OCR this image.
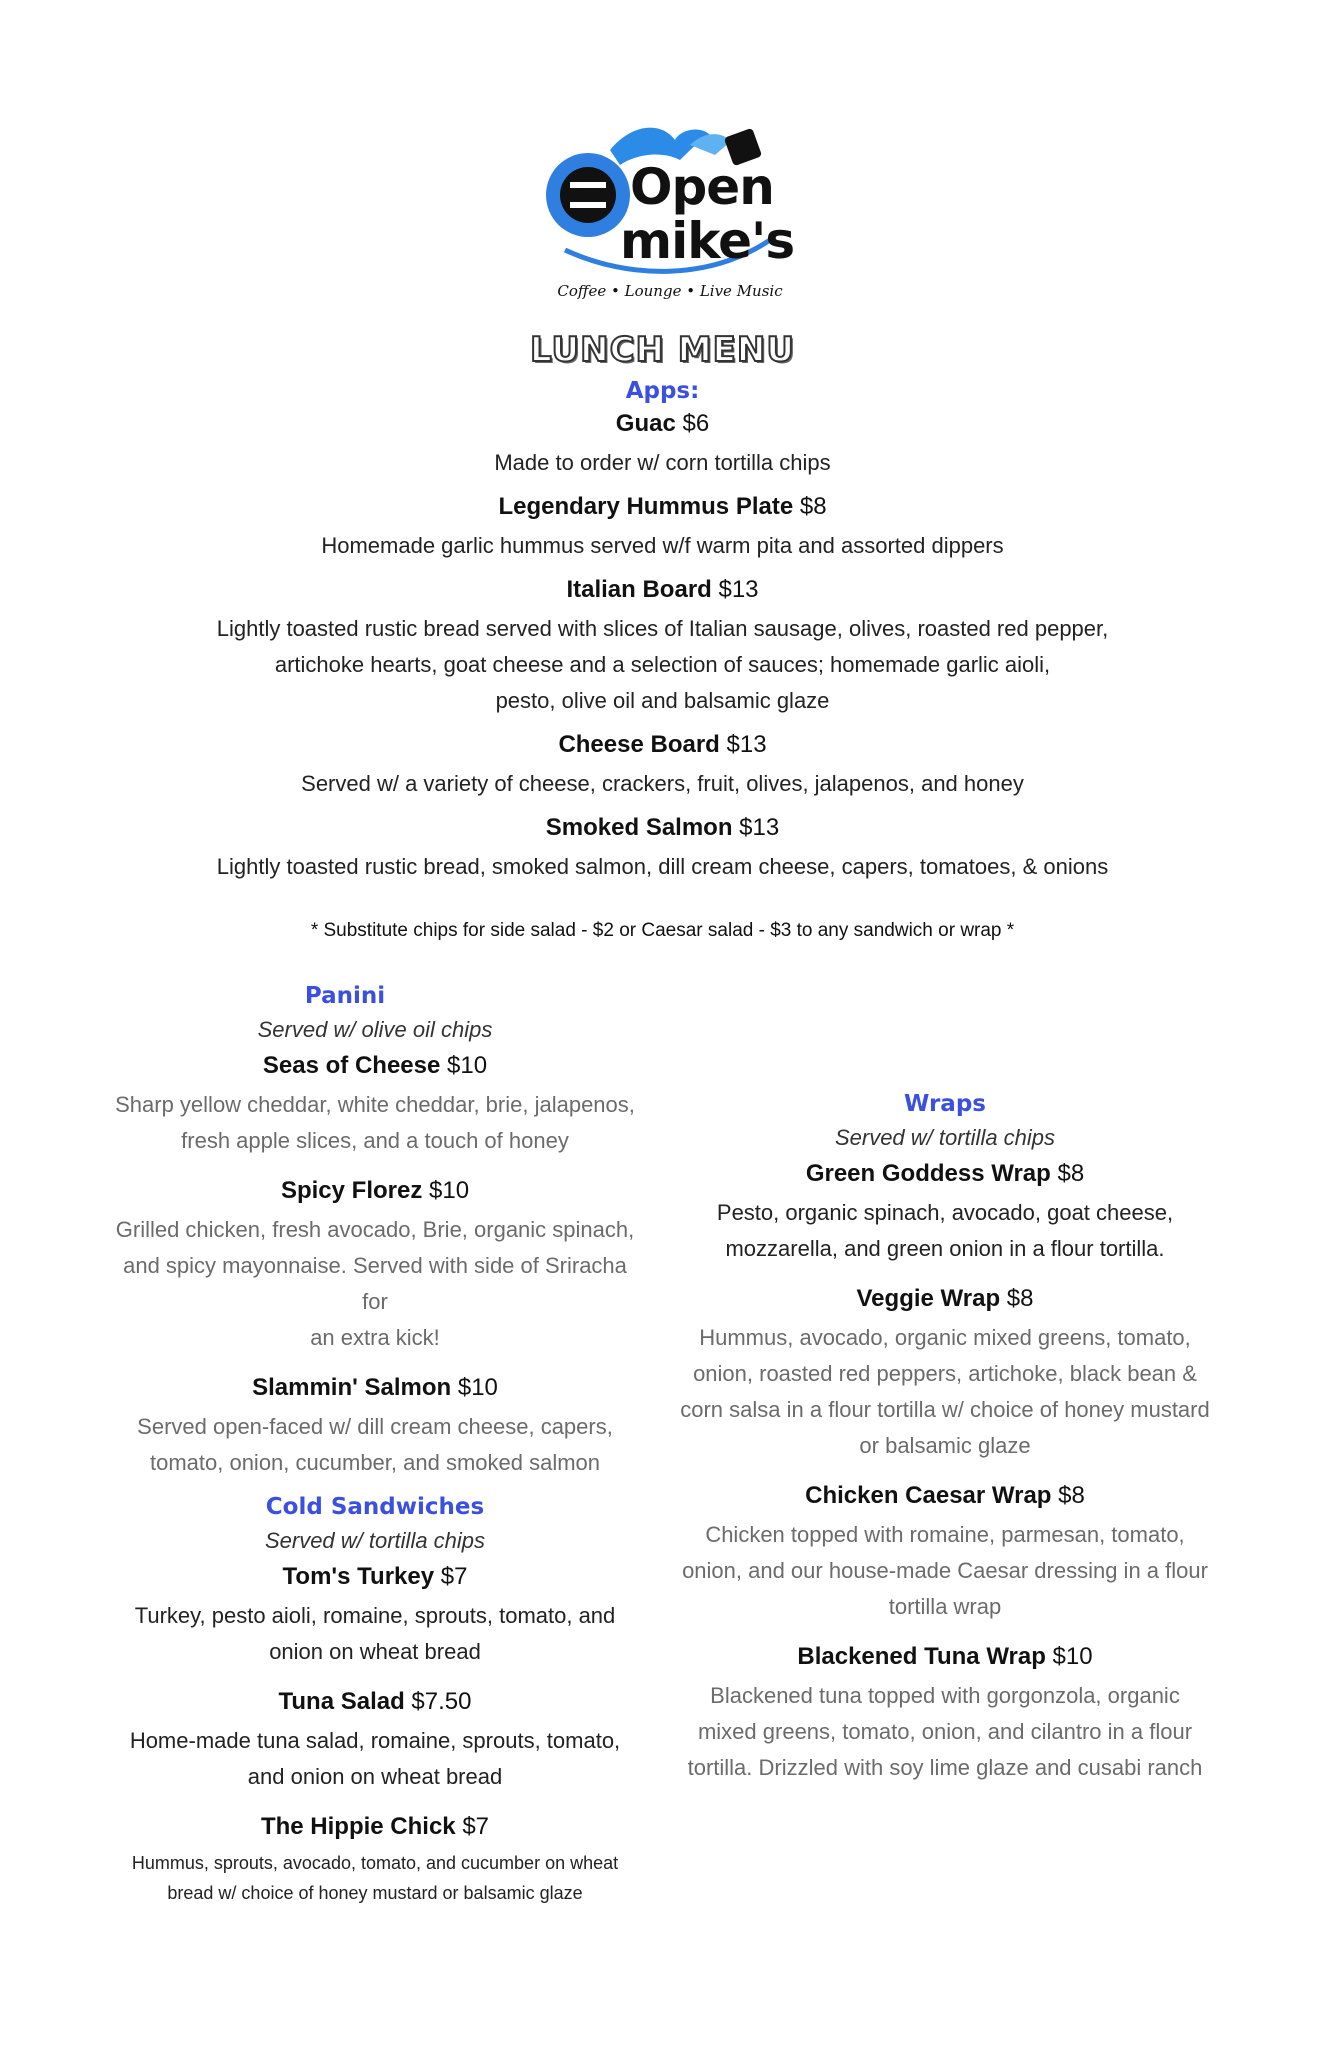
Open
mike's
Coffee • Lounge • Live Music
LUNCH MENU
Apps:
Guac $6
Made to order w/ corn tortilla chips
Legendary Hummus Plate $8
Homemade garlic hummus served w/f warm pita and assorted dippers
Italian Board $13
Lightly toasted rustic bread served with slices of Italian sausage, olives, roasted red pepper,
artichoke hearts, goat cheese and a selection of sauces; homemade garlic aioli,
pesto, olive oil and balsamic glaze
Cheese Board $13
Served w/ a variety of cheese, crackers, fruit, olives, jalapenos, and honey
Smoked Salmon $13
Lightly toasted rustic bread, smoked salmon, dill cream cheese, capers, tomatoes, & onions
* Substitute chips for side salad - $2 or Caesar salad - $3 to any sandwich or wrap *
Panini
Served w/ olive oil chips
Seas of Cheese $10
Sharp yellow cheddar, white cheddar, brie, jalapenos,
fresh apple slices, and a touch of honey
Spicy Florez $10
Grilled chicken, fresh avocado, Brie, organic spinach,
and spicy mayonnaise. Served with side of Sriracha for
an extra kick!
Slammin' Salmon $10
Served open-faced w/ dill cream cheese, capers,
tomato, onion, cucumber, and smoked salmon
Cold Sandwiches
Served w/ tortilla chips
Tom's Turkey $7
Turkey, pesto aioli, romaine, sprouts, tomato, and
onion on wheat bread
Tuna Salad $7.50
Home-made tuna salad, romaine, sprouts, tomato,
and onion on wheat bread
The Hippie Chick $7
Hummus, sprouts, avocado, tomato, and cucumber on wheat
bread w/ choice of honey mustard or balsamic glaze
Wraps
Served w/ tortilla chips
Green Goddess Wrap $8
Pesto, organic spinach, avocado, goat cheese,
mozzarella, and green onion in a flour tortilla.
Veggie Wrap $8
Hummus, avocado, organic mixed greens, tomato,
onion, roasted red peppers, artichoke, black bean &
corn salsa in a flour tortilla w/ choice of honey mustard
or balsamic glaze
Chicken Caesar Wrap $8
Chicken topped with romaine, parmesan, tomato,
onion, and our house-made Caesar dressing in a flour
tortilla wrap
Blackened Tuna Wrap $10
Blackened tuna topped with gorgonzola, organic
mixed greens, tomato, onion, and cilantro in a flour
tortilla. Drizzled with soy lime glaze and cusabi ranch
